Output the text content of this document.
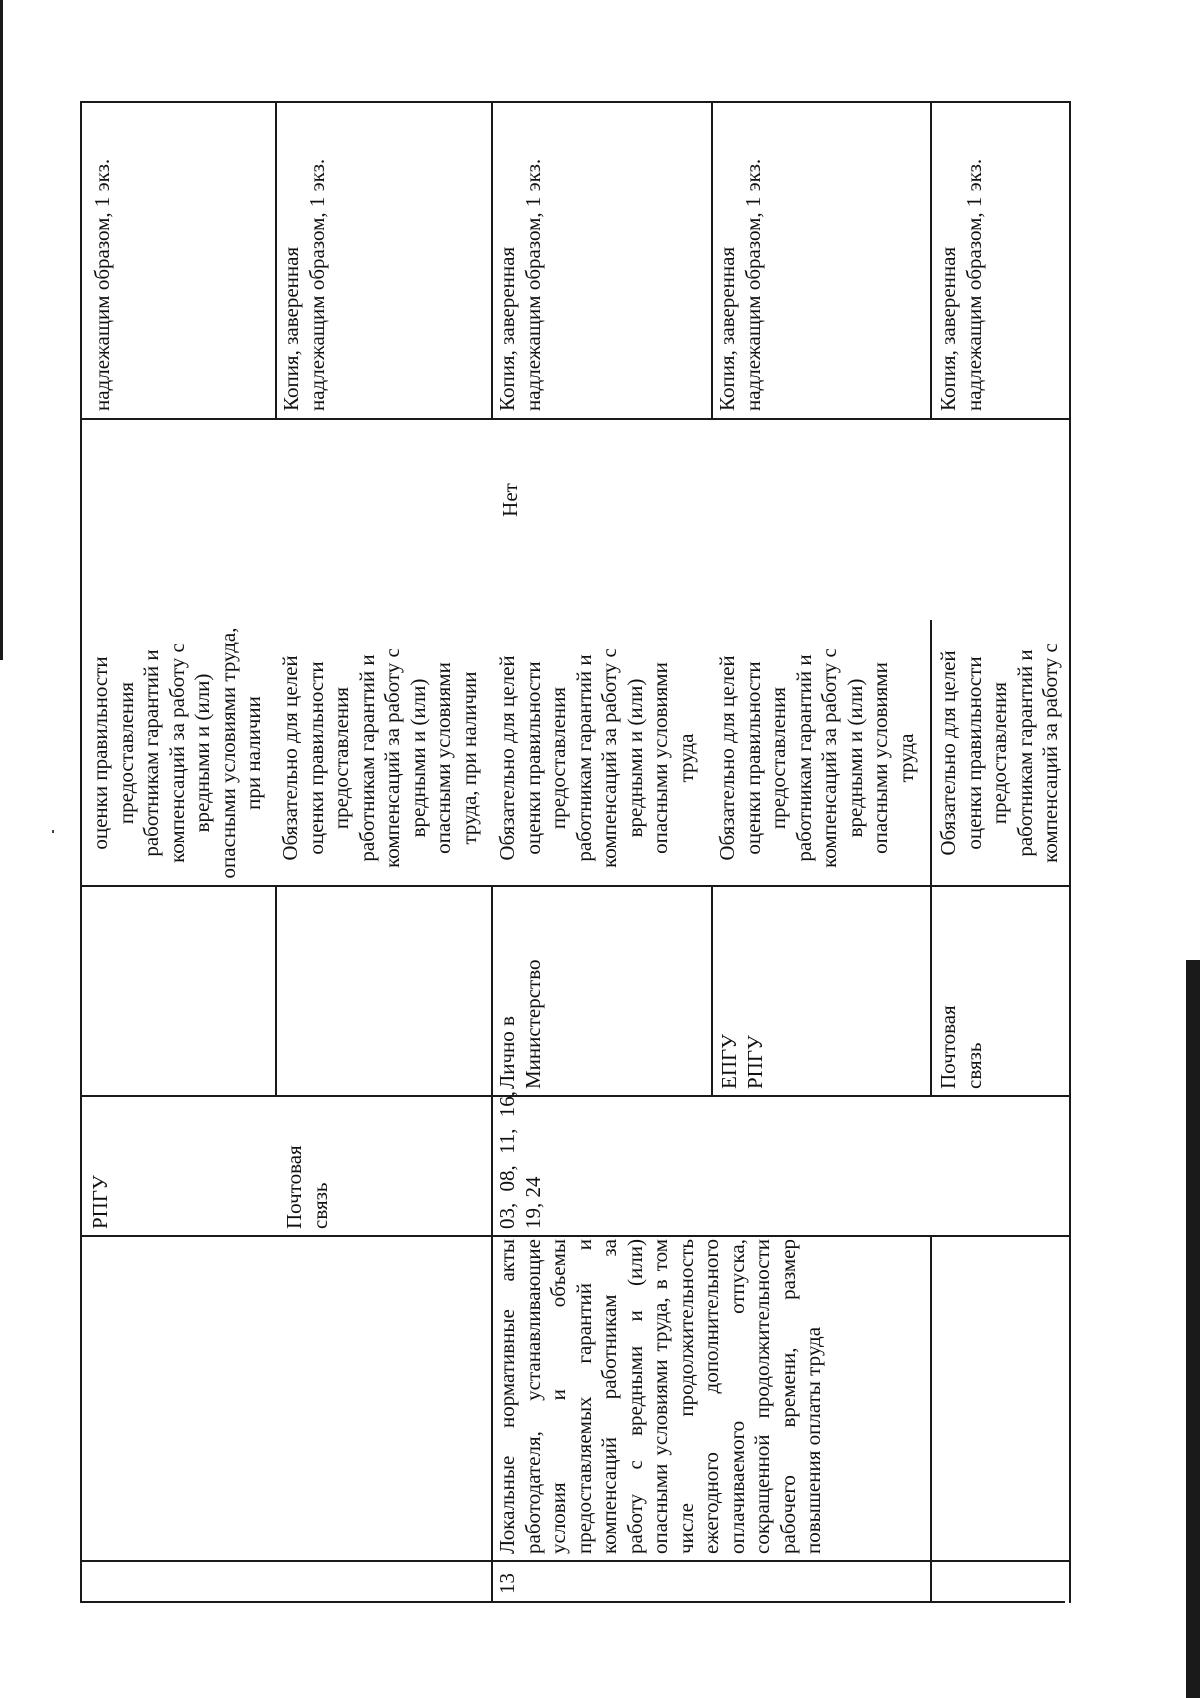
РПГУ

оценки правильности предоставления работникам гарантий и компенсаций за работу с вредными и (или) опасными условиями труда, при наличии

надлежащим образом, 1 экз.

Почтовая связь

Обязательно для целей оценки правильности предоставления работникам гарантий и компенсаций за работу с вредными и (или) опасными условиями труда, при наличии

Копия, заверенная надлежащим образом, 1 экз.

13

Локальные нормативные акты работодателя, устанавливающие условия и объемы предоставляемых гарантий и компенсаций работникам за работу с вредными и (или) опасными условиями труда, в том числе продолжительность ежегодного дополнительного оплачиваемого отпуска, сокращенной продолжительности рабочего времени, размер повышения оплаты труда

03, 08, 11, 16, 19, 24

Лично в Министерство

Обязательно для целей оценки правильности предоставления работникам гарантий и компенсаций за работу с вредными и (или) опасными условиями труда

Нет

Копия, заверенная надлежащим образом, 1 экз.

ЕПГУ РПГУ

Обязательно для целей оценки правильности предоставления работникам гарантий и компенсаций за работу с вредными и (или) опасными условиями труда

Копия, заверенная надлежащим образом, 1 экз.

Почтовая связь

Обязательно для целей оценки правильности предоставления работникам гарантий и компенсаций за работу с

Копия, заверенная надлежащим образом, 1 экз.
